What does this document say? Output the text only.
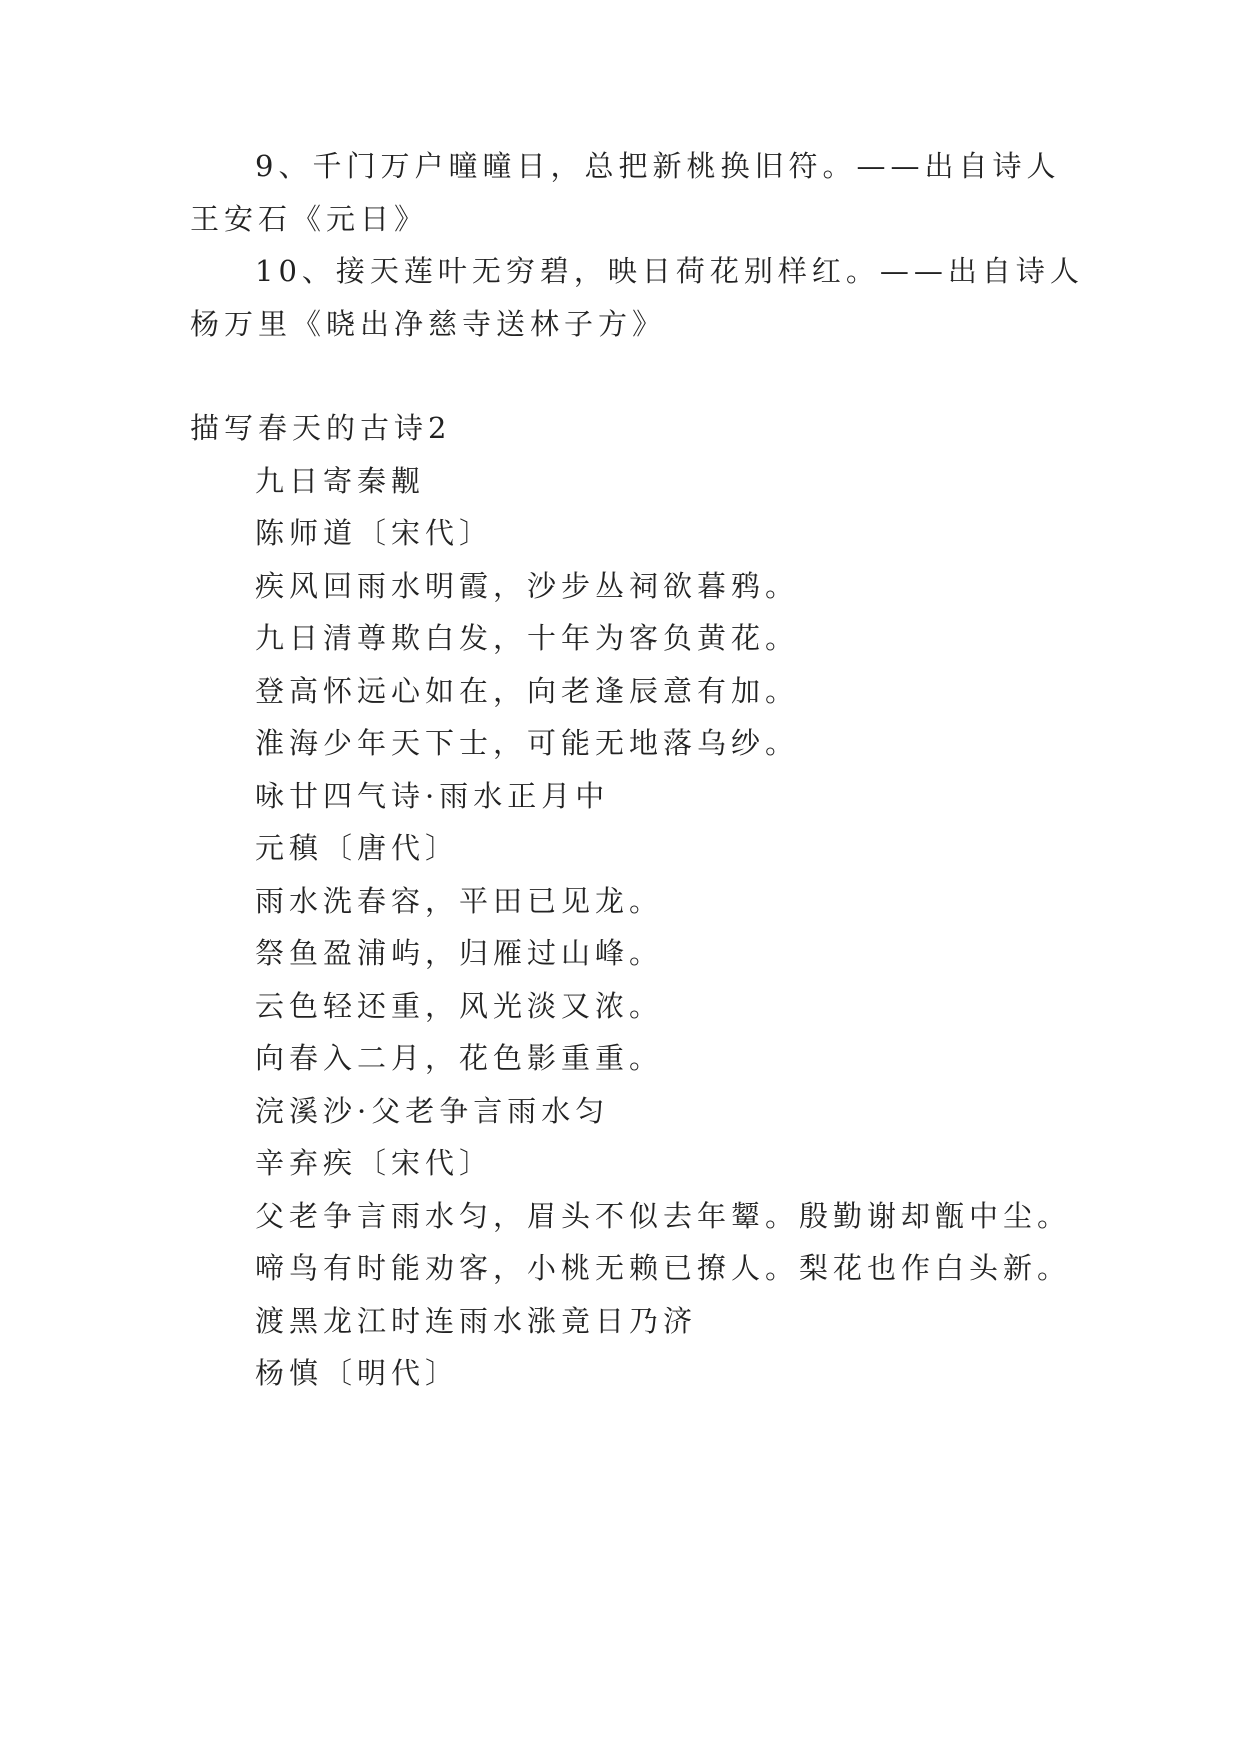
9、千门万户曈曈日，总把新桃换旧符。——出自诗人

王安石《元日》

10、接天莲叶无穷碧，映日荷花别样红。——出自诗人

杨万里《晓出净慈寺送林子方》

描写春天的古诗2

九日寄秦觏

陈师道〔宋代〕

疾风回雨水明霞，沙步丛祠欲暮鸦。

九日清尊欺白发，十年为客负黄花。

登高怀远心如在，向老逢辰意有加。

淮海少年天下士，可能无地落乌纱。

咏廿四气诗·雨水正月中

元稹〔唐代〕

雨水洗春容，平田已见龙。

祭鱼盈浦屿，归雁过山峰。

云色轻还重，风光淡又浓。

向春入二月，花色影重重。

浣溪沙·父老争言雨水匀

辛弃疾〔宋代〕

父老争言雨水匀，眉头不似去年颦。殷勤谢却甑中尘。

啼鸟有时能劝客，小桃无赖已撩人。梨花也作白头新。

渡黑龙江时连雨水涨竟日乃济

杨慎〔明代〕
